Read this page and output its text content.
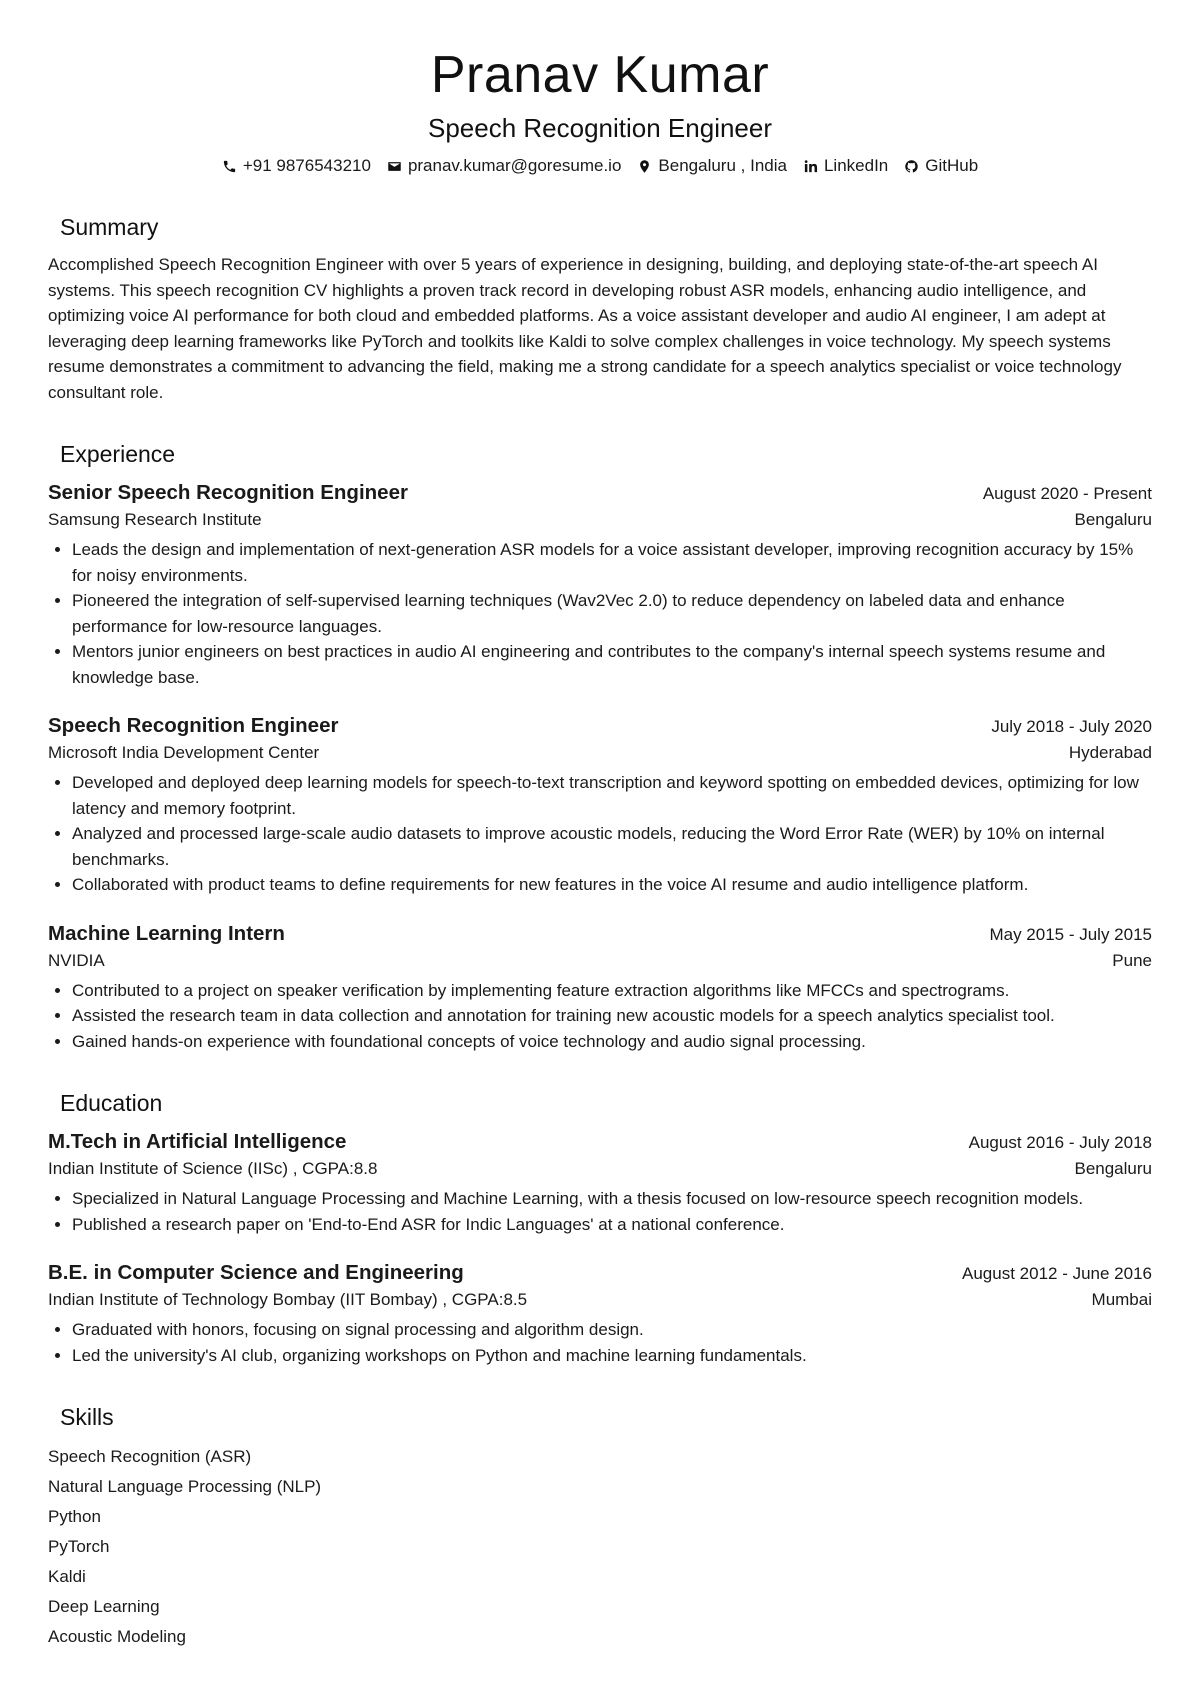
Pranav Kumar
Speech Recognition Engineer
+91 9876543210 pranav.kumar@goresume.io Bengaluru , India LinkedIn GitHub
Summary
Accomplished Speech Recognition Engineer with over 5 years of experience in designing, building, and deploying state-of-the-art speech AI systems. This speech recognition CV highlights a proven track record in developing robust ASR models, enhancing audio intelligence, and optimizing voice AI performance for both cloud and embedded platforms. As a voice assistant developer and audio AI engineer, I am adept at leveraging deep learning frameworks like PyTorch and toolkits like Kaldi to solve complex challenges in voice technology. My speech systems resume demonstrates a commitment to advancing the field, making me a strong candidate for a speech analytics specialist or voice technology consultant role.
Experience
Senior Speech Recognition Engineer	August 2020 - Present
Samsung Research Institute	Bengaluru
• Leads the design and implementation of next-generation ASR models for a voice assistant developer, improving recognition accuracy by 15% for noisy environments.
• Pioneered the integration of self-supervised learning techniques (Wav2Vec 2.0) to reduce dependency on labeled data and enhance performance for low-resource languages.
• Mentors junior engineers on best practices in audio AI engineering and contributes to the company's internal speech systems resume and knowledge base.
Speech Recognition Engineer	July 2018 - July 2020
Microsoft India Development Center	Hyderabad
• Developed and deployed deep learning models for speech-to-text transcription and keyword spotting on embedded devices, optimizing for low latency and memory footprint.
• Analyzed and processed large-scale audio datasets to improve acoustic models, reducing the Word Error Rate (WER) by 10% on internal benchmarks.
• Collaborated with product teams to define requirements for new features in the voice AI resume and audio intelligence platform.
Machine Learning Intern	May 2015 - July 2015
NVIDIA	Pune
• Contributed to a project on speaker verification by implementing feature extraction algorithms like MFCCs and spectrograms.
• Assisted the research team in data collection and annotation for training new acoustic models for a speech analytics specialist tool.
• Gained hands-on experience with foundational concepts of voice technology and audio signal processing.
Education
M.Tech in Artificial Intelligence	August 2016 - July 2018
Indian Institute of Science (IISc) , CGPA:8.8	Bengaluru
• Specialized in Natural Language Processing and Machine Learning, with a thesis focused on low-resource speech recognition models.
• Published a research paper on 'End-to-End ASR for Indic Languages' at a national conference.
B.E. in Computer Science and Engineering	August 2012 - June 2016
Indian Institute of Technology Bombay (IIT Bombay) , CGPA:8.5	Mumbai
• Graduated with honors, focusing on signal processing and algorithm design.
• Led the university's AI club, organizing workshops on Python and machine learning fundamentals.
Skills
Speech Recognition (ASR)
Natural Language Processing (NLP)
Python
PyTorch
Kaldi
Deep Learning
Acoustic Modeling
